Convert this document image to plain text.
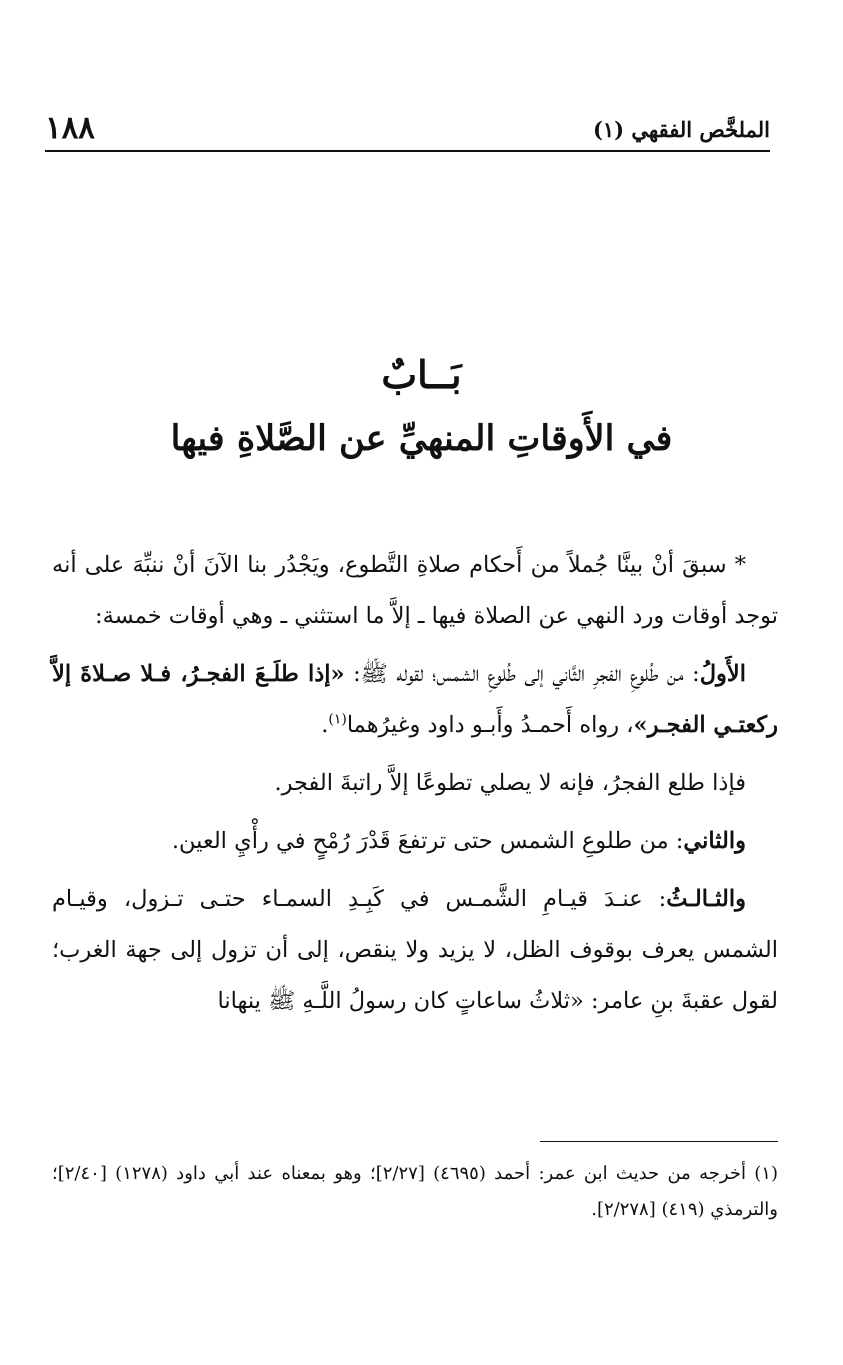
الملخَّص الفقهي (١)
١٨٨
بَــابٌ
في الأَوقاتِ المنهيِّ عن الصَّلاةِ فيها

* سبقَ أنْ بينَّا جُملاً من أَحكام صلاةِ التَّطوع، ويَجْدُر بنا الآنَ أنْ ننبِّهَ على أنه توجد أوقات ورد النهي عن الصلاة فيها ـ إلاَّ ما استثني ـ وهي أوقات خمسة:

الأَولُ: من طُلوعِ الفجرِ الثَّاني إلى طُلوعِ الشمس؛ لقوله ﷺ: «إذا طلَـعَ الفجـرُ، فـلا صـلاةَ إلاَّ ركعتـي الفجـر»، رواه أَحمـدُ وأَبـو داود وغيرُهما$^{(١)}$.

فإذا طلع الفجرُ، فإنه لا يصلي تطوعًا إلاَّ راتبةَ الفجر.

والثاني: من طلوعِ الشمس حتى ترتفعَ قَدْرَ رُمْحٍ في رأْيِ العين.

والثـالـثُ: عنـدَ قيـامِ الشَّمـس في كَبِـدِ السمـاء حتـى تـزول، وقيـام الشمس يعرف بوقوف الظل، لا يزيد ولا ينقص، إلى أن تزول إلى جهة الغرب؛ لقول عقبةَ بنِ عامر: «ثلاثُ ساعاتٍ كان رسولُ اللَّـهِ ﷺ ينهانا

(١) أخرجه من حديث ابن عمر: أحمد (٤٦٩٥) [٢/٢٧]؛ وهو بمعناه عند أبي داود (١٢٧٨) [٢/٤٠]؛ والترمذي (٤١٩) [٢/٢٧٨].
